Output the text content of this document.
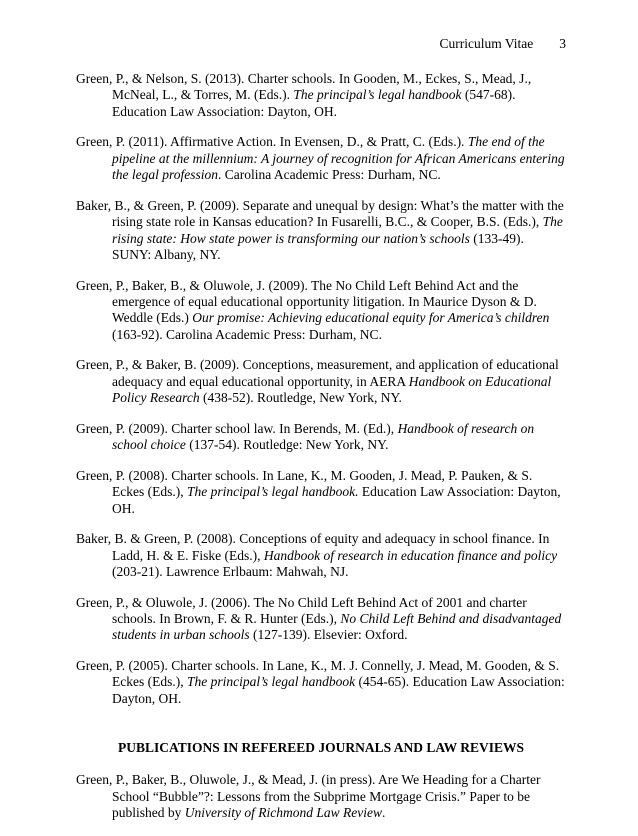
Curriculum Vitae 3

Green, P., & Nelson, S. (2013). Charter schools. In Gooden, M., Eckes, S., Mead, J., McNeal, L., & Torres, M. (Eds.). The principal’s legal handbook (547-68). Education Law Association: Dayton, OH.

Green, P. (2011). Affirmative Action. In Evensen, D., & Pratt, C. (Eds.). The end of the pipeline at the millennium: A journey of recognition for African Americans entering the legal profession. Carolina Academic Press: Durham, NC.

Baker, B., & Green, P. (2009). Separate and unequal by design: What’s the matter with the rising state role in Kansas education? In Fusarelli, B.C., & Cooper, B.S. (Eds.), The rising state: How state power is transforming our nation’s schools (133-49). SUNY: Albany, NY.

Green, P., Baker, B., & Oluwole, J. (2009). The No Child Left Behind Act and the emergence of equal educational opportunity litigation. In Maurice Dyson & D. Weddle (Eds.) Our promise: Achieving educational equity for America’s children (163-92). Carolina Academic Press: Durham, NC.

Green, P., & Baker, B. (2009). Conceptions, measurement, and application of educational adequacy and equal educational opportunity, in AERA Handbook on Educational Policy Research (438-52). Routledge, New York, NY.

Green, P. (2009). Charter school law. In Berends, M. (Ed.), Handbook of research on school choice (137-54). Routledge: New York, NY.

Green, P. (2008). Charter schools. In Lane, K., M. Gooden, J. Mead, P. Pauken, & S. Eckes (Eds.), The principal’s legal handbook. Education Law Association: Dayton, OH.

Baker, B. & Green, P. (2008). Conceptions of equity and adequacy in school finance. In Ladd, H. & E. Fiske (Eds.), Handbook of research in education finance and policy (203-21). Lawrence Erlbaum: Mahwah, NJ.

Green, P., & Oluwole, J. (2006). The No Child Left Behind Act of 2001 and charter schools. In Brown, F. & R. Hunter (Eds.), No Child Left Behind and disadvantaged students in urban schools (127-139). Elsevier: Oxford.

Green, P. (2005). Charter schools. In Lane, K., M. J. Connelly, J. Mead, M. Gooden, & S. Eckes (Eds.), The principal’s legal handbook (454-65). Education Law Association: Dayton, OH.

PUBLICATIONS IN REFEREED JOURNALS AND LAW REVIEWS

Green, P., Baker, B., Oluwole, J., & Mead, J. (in press). Are We Heading for a Charter School “Bubble”?: Lessons from the Subprime Mortgage Crisis.” Paper to be published by University of Richmond Law Review.
